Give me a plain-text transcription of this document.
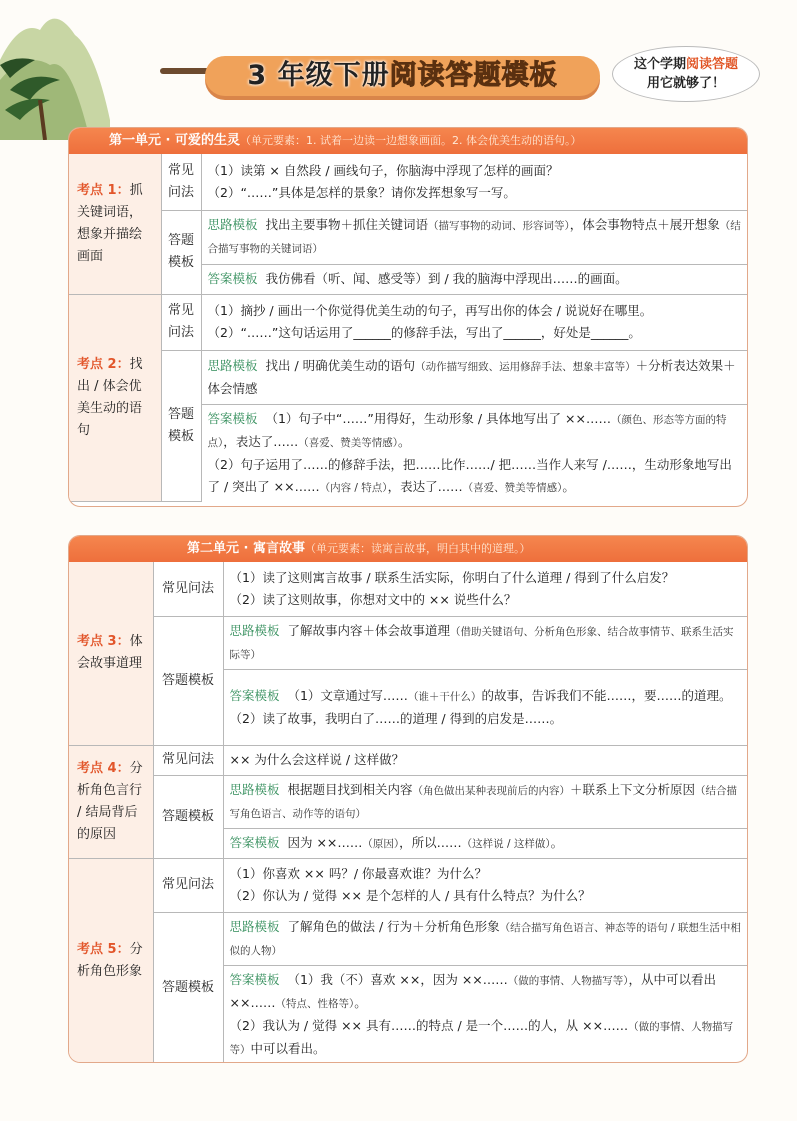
3 年级下册阅读答题模板	这个学期阅读答题
用它就够了！
第一单元 · 可爱的生灵（单元要素：1. 试着一边读一边想象画面。2. 体会优美生动的语句。）
考点 1：抓关键词语，想象并描绘画面	常见问法	（1）读第 × 自然段 / 画线句子，你脑海中浮现了怎样的画面？

（2）“……”具体是怎样的景象？请你发挥想象写一写。

	答题模板	思路模板 找出主要事物＋抓住关键词语（描写事物的动词、形容词等），体会事物特点＋展开想象（结合描写事物的关键词语）
		答案模板 我仿佛看（听、闻、感受等）到 / 我的脑海中浮现出……的画面。
考点 2：找出 / 体会优美生动的语句	常见问法	（1）摘抄 / 画出一个你觉得优美生动的句子，再写出你的体会 / 说说好在哪里。

（2）“……”这句话运用了______的修辞手法，写出了______，好处是______。

	答题模板	思路模板 找出 / 明确优美生动的语句（动作描写细致、运用修辞手法、想象丰富等）＋分析表达效果＋体会情感

		答案模板 （1）句子中“……”用得好，生动形象 / 具体地写出了 ××……（颜色、形态等方面的特点），表达了……（喜爱、赞美等情感）。

（2）句子运用了……的修辞手法，把……比作……/ 把……当作人来写 /……，生动形象地写出了 / 突出了 ××……（内容 / 特点），表达了……（喜爱、赞美等情感）。

第二单元 · 寓言故事（单元要素：读寓言故事，明白其中的道理。）
考点 3：体会故事道理	常见问法	（1）读了这则寓言故事 / 联系生活实际，你明白了什么道理 / 得到了什么启发？

（2）读了这则故事，你想对文中的 ×× 说些什么？

	答题模板	思路模板 了解故事内容＋体会故事道理（借助关键语句、分析角色形象、结合故事情节、联系生活实际等）

		答案模板 （1）文章通过写……（谁＋干什么）的故事，告诉我们不能……，要……的道理。

（2）读了故事，我明白了……的道理 / 得到的启发是……。

考点 4：分析角色言行 / 结局背后的原因	常见问法	×× 为什么会这样说 / 这样做？
	答题模板	思路模板 根据题目找到相关内容（角色做出某种表现前后的内容）＋联系上下文分析原因（结合描写角色语言、动作等的语句）
		答案模板 因为 ××……（原因），所以……（这样说 / 这样做）。
考点 5：分析角色形象	常见问法	（1）你喜欢 ×× 吗？/ 你最喜欢谁？为什么？

（2）你认为 / 觉得 ×× 是个怎样的人 / 具有什么特点？为什么？

	答题模板	思路模板 了解角色的做法 / 行为＋分析角色形象（结合描写角色语言、神态等的语句 / 联想生活中相似的人物）

		答案模板 （1）我（不）喜欢 ××，因为 ××……（做的事情、人物描写等），从中可以看出 ××……（特点、性格等）。

（2）我认为 / 觉得 ×× 具有……的特点 / 是一个……的人，从 ××……（做的事情、人物描写等）中可以看出。
